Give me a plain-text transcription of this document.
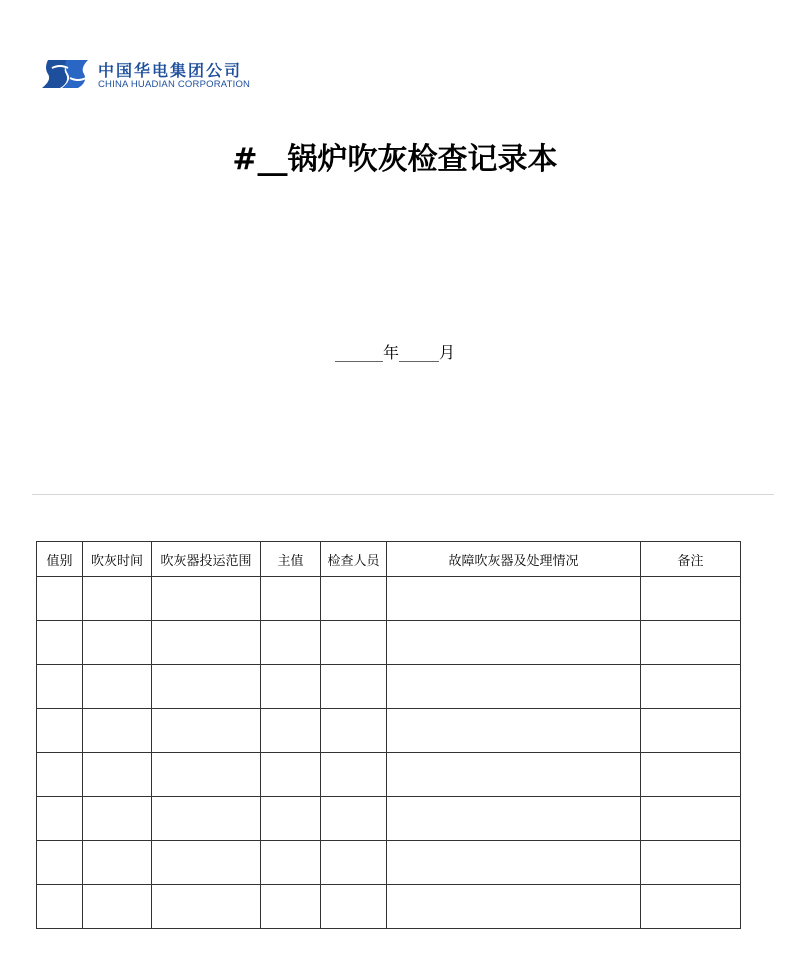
中国华电集团公司
CHINA HUADIAN CORPORATION
#__锅炉吹灰检查记录本
______年_____月
值别	吹灰时间	吹灰器投运范围	主值	检查人员	故障吹灰器及处理情况	备注
